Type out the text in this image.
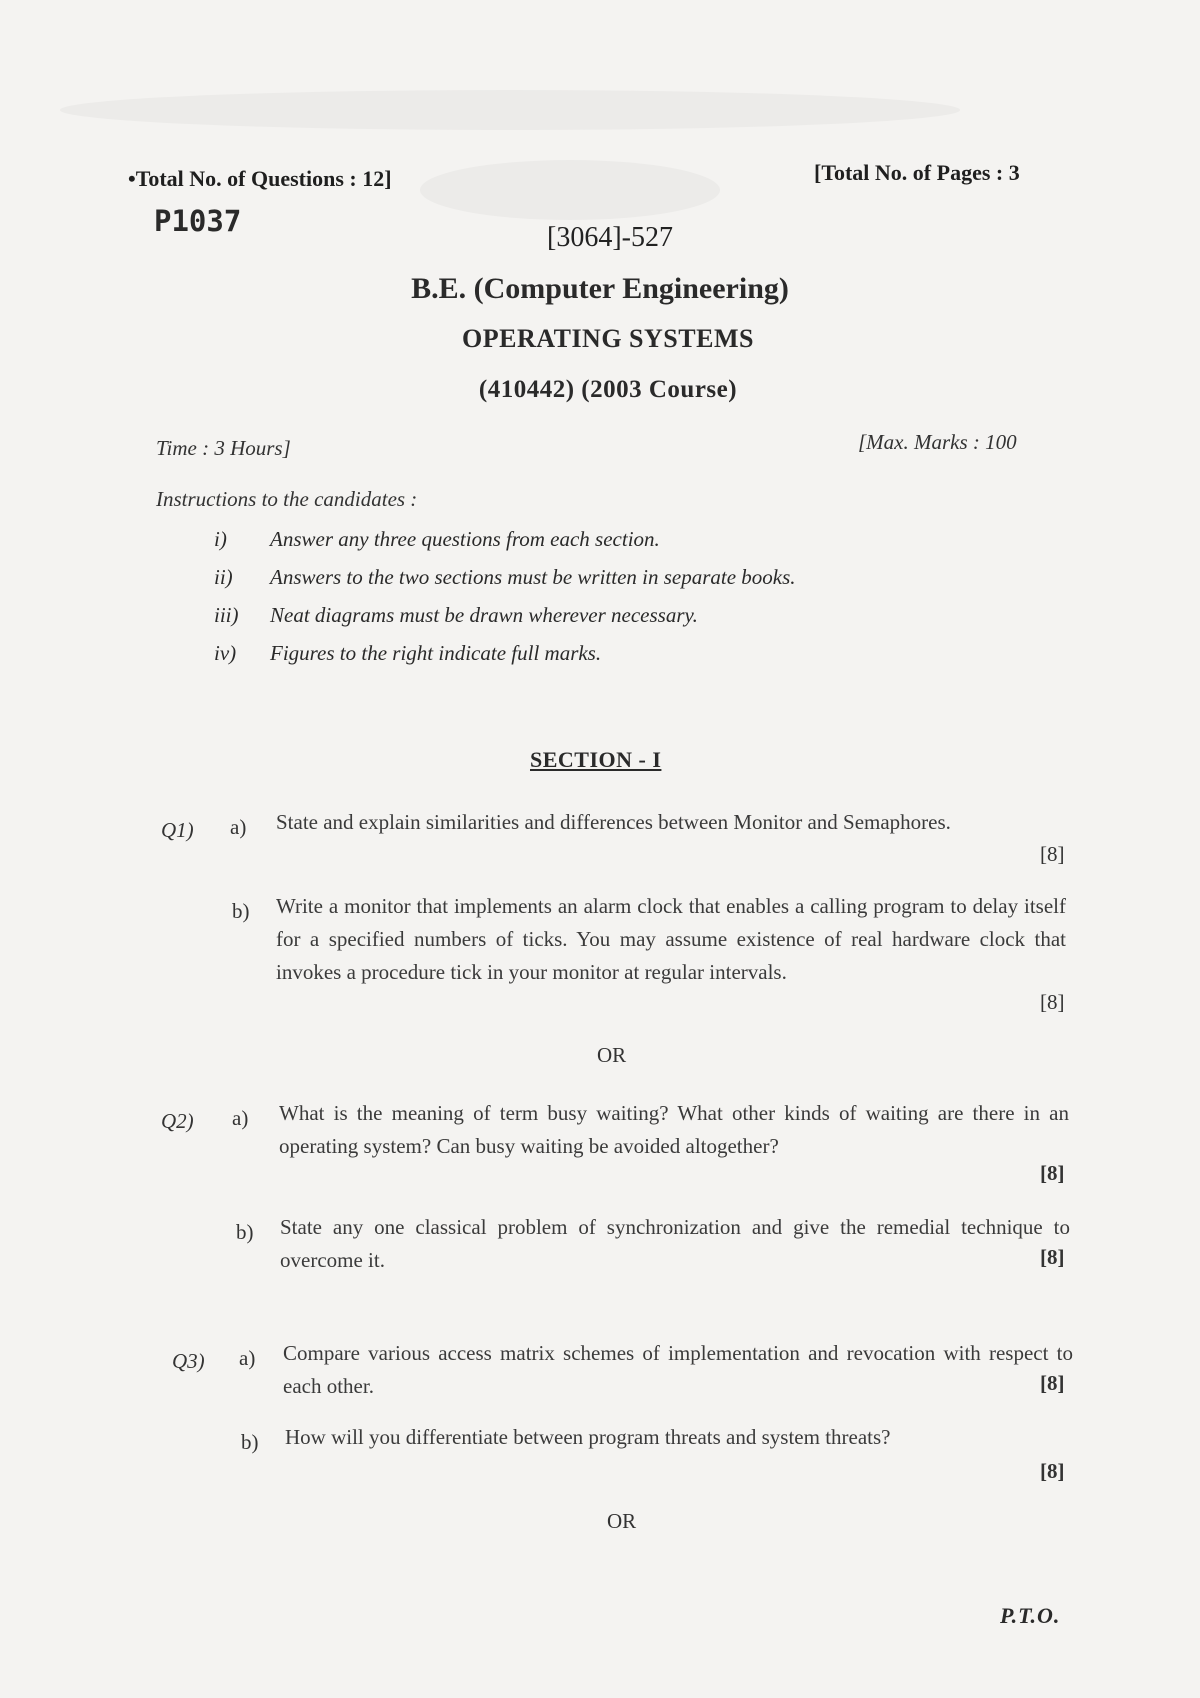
•Total No. of Questions : 12]	[Total No. of Pages : 3
P1037	[3064]-527
B.E. (Computer Engineering)
OPERATING SYSTEMS
(410442) (2003 Course)
Time : 3 Hours]	[Max. Marks : 100
Instructions to the candidates :
i) Answer any three questions from each section.
ii) Answers to the two sections must be written in separate books.
iii) Neat diagrams must be drawn wherever necessary.
iv) Figures to the right indicate full marks.
SECTION - I
Q1) a) State and explain similarities and differences between Monitor and Semaphores.
[8]
b) Write a monitor that implements an alarm clock that enables a calling program to delay itself for a specified numbers of ticks. You may assume existence of real hardware clock that invokes a procedure tick in your monitor at regular intervals.
[8]
OR
Q2) a) What is the meaning of term busy waiting? What other kinds of waiting are there in an operating system? Can busy waiting be avoided altogether?
[8]
b) State any one classical problem of synchronization and give the remedial technique to overcome it.	[8]
Q3) a) Compare various access matrix schemes of implementation and revocation with respect to each other.	[8]
b) How will you differentiate between program threats and system threats?
[8]
OR
P.T.O.
